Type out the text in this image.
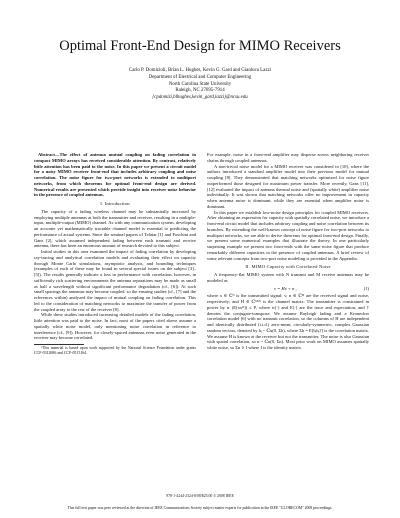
Optimal Front-End Design for MIMO Receivers
Carlo P. Domizioli, Brian L. Hughes, Kevin G. Gard and Gianluca Lazzi
Department of Electrical and Computer Engineering
North Carolina State University
Raleigh, NC 27695-7914
{cpdomizi,blhughes,kevin_gard,lazzi}@ncsu.edu

Abstract—The effect of antenna mutual coupling on fading correlation in compact MIMO arrays has received considerable attention. By contrast, relatively little attention has been paid to the noise. In this paper we present a circuit model for a noisy MIMO receiver front-end that includes arbitrary coupling and noise correlation. The noise figure for two-port networks is extended to multiport networks, from which theorems for optimal front-end design are derived. Numerical results are presented which provide insight into receiver noise behavior in the presence of coupled antennas.

I. Introduction

The capacity of a fading wireless channel may be substantially increased by employing multiple antennas at both the transmitter and receiver, resulting in a multiple-input, multiple-output (MIMO) channel. As with any communication system, developing an accurate yet mathematically tractable channel model is essential to predicting the performance of actual systems. Since the seminal papers of Telatar [1] and Foschini and Gans [2], which assumed independent fading between each transmit and receive antenna, there has been an enormous amount of research devoted to this subject.

Initial studies in this area examined the impact of fading correlation by developing ray-tracing and analytical correlation models and evaluating their effect on capacity through Monte Carlo simulations, asymptotic analysis, and bounding techniques (examples of each of these may be found in several special issues on the subject [3]–[5]). The results generally indicate a loss in performance with correlation, however, in sufficiently rich scattering environments the antenna separations may be made as small as half a wavelength without significant performance degradation (cf., [6]). At such small spacings the antennas may become coupled, so the ensuing studies (cf., [7] and the references within) analyzed the impact of mutual coupling on fading correlation. This led to the consideration of matching networks to maximize the transfer of power from the coupled array to the rest of the receiver [8].

While these studies introduced increasing detailed models of the fading correlation, little attention was paid to the noise. In fact, most of the papers cited above assume a spatially white noise model, only mentioning noise correlation in reference to interference (cf., [9]). However, for closely-spaced antennas even noise generated in the receiver may become correlated.

¹This material is based upon work supported by the National Science Foundation under grants CCF-0312686 and CCF-0515164.

For example, noise in a front-end amplifier may disperse across neighboring receiver chains through coupled antennas.

A non-trivial noise model for a MIMO receiver was considered in [10], where the authors introduced a standard amplifier model into their previous model for mutual coupling [8]. They demonstrated that matching networks optimized for noise figure outperformed those designed for maximum power transfer. More recently, Gans [11], [12] evaluated the impact of antenna thermal noise and (spatially white) amplifier noise individually. It was shown that matching networks offer no improvement in capacity when antenna noise is dominant, while they are essential when amplifier noise is dominant.

In this paper we establish low-noise design principles for coupled MIMO receivers. After obtaining an expression for capacity with spatially correlated noise, we introduce a front-end circuit model that includes arbitrary coupling and noise correlation between its branches. By extending the well-known concept of noise figure for two-port networks to multiport networks, we are able to derive theorems for optimal front-end design. Finally, we present some numerical examples that illustrate the theory. In one particularly surprising example we present two front-ends with the same noise figure that produce remarkably different capacities in the presence of coupled antennas. A brief review of some relevant concepts from two-port noise modeling is provided in the Appendix.

II. MIMO Capacity with Correlated Noise

A frequency-flat MIMO system with N transmit and M receive antennas may be modeled as

v = Hx + n ,	(1)

where x ∈ ℂᴺ is the transmitted signal; v, n ∈ ℂᴹ are the received signal and noise, respectively; and H ∈ ℂᴹˣᴺ is the channel matrix. The transmitter is constrained in power by tr (E[xxᴴ]) ≤ P, where tr(·) and E[·] are the trace and expectation, and † denotes the conjugate-transpose. We assume Rayleigh fading and a Kronecker correlation model [6] with no transmit correlation, so the columns of H are independent and identically distributed (i.i.d.) zero-mean, circularly-symmetric, complex Gaussian random vectors, denoted by hᵢ ~ ℂɴ(0, Σh), where Σh = E[hᵢhᵢ†] is the correlation matrix. We assume H is known at the receiver but not the transmitter. The noise is also Gaussian with spatial correlation, so n ~ ℂɴ(0, Σn). Most prior work on MIMO assumes spatially white noise, so Σn ∝ I where I is the identity matrix.

978-1-4244-2324-8/08/$25.00 © 2008 IEEE
This full text paper was peer reviewed at the direction of IEEE Communications Society subject matter experts for publication in the IEEE "GLOBECOM" 2008 proceedings.
